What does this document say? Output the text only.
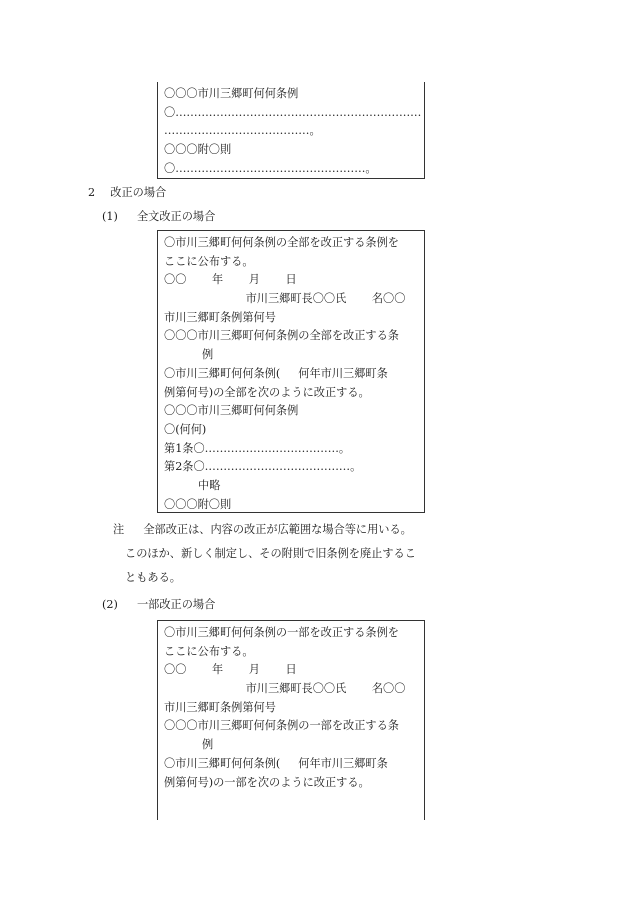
〇〇〇市川三郷町何何条例
〇…………………………………………………………
…………………………………。
〇〇〇附〇則
〇……………………………………………。
2 改正の場合
(1) 全文改正の場合
〇市川三郷町何何条例の全部を改正する条例を
ここに公布する。
〇〇 年 月 日
市川三郷町長〇〇氏 名〇〇
市川三郷町条例第何号
〇〇〇市川三郷町何何条例の全部を改正する条
例
〇市川三郷町何何条例( 何年市川三郷町条
例第何号)の全部を次のように改正する。
〇〇〇市川三郷町何何条例
〇(何何)
第1条〇………………………………。
第2条〇…………………………………。
中略
〇〇〇附〇則
注 全部改正は、内容の改正が広範囲な場合等に用いる。
このほか、新しく制定し、その附則で旧条例を廃止するこ
ともある。
(2) 一部改正の場合
〇市川三郷町何何条例の一部を改正する条例を
ここに公布する。
〇〇 年 月 日
市川三郷町長〇〇氏 名〇〇
市川三郷町条例第何号
〇〇〇市川三郷町何何条例の一部を改正する条
例
〇市川三郷町何何条例( 何年市川三郷町条
例第何号)の一部を次のように改正する。
